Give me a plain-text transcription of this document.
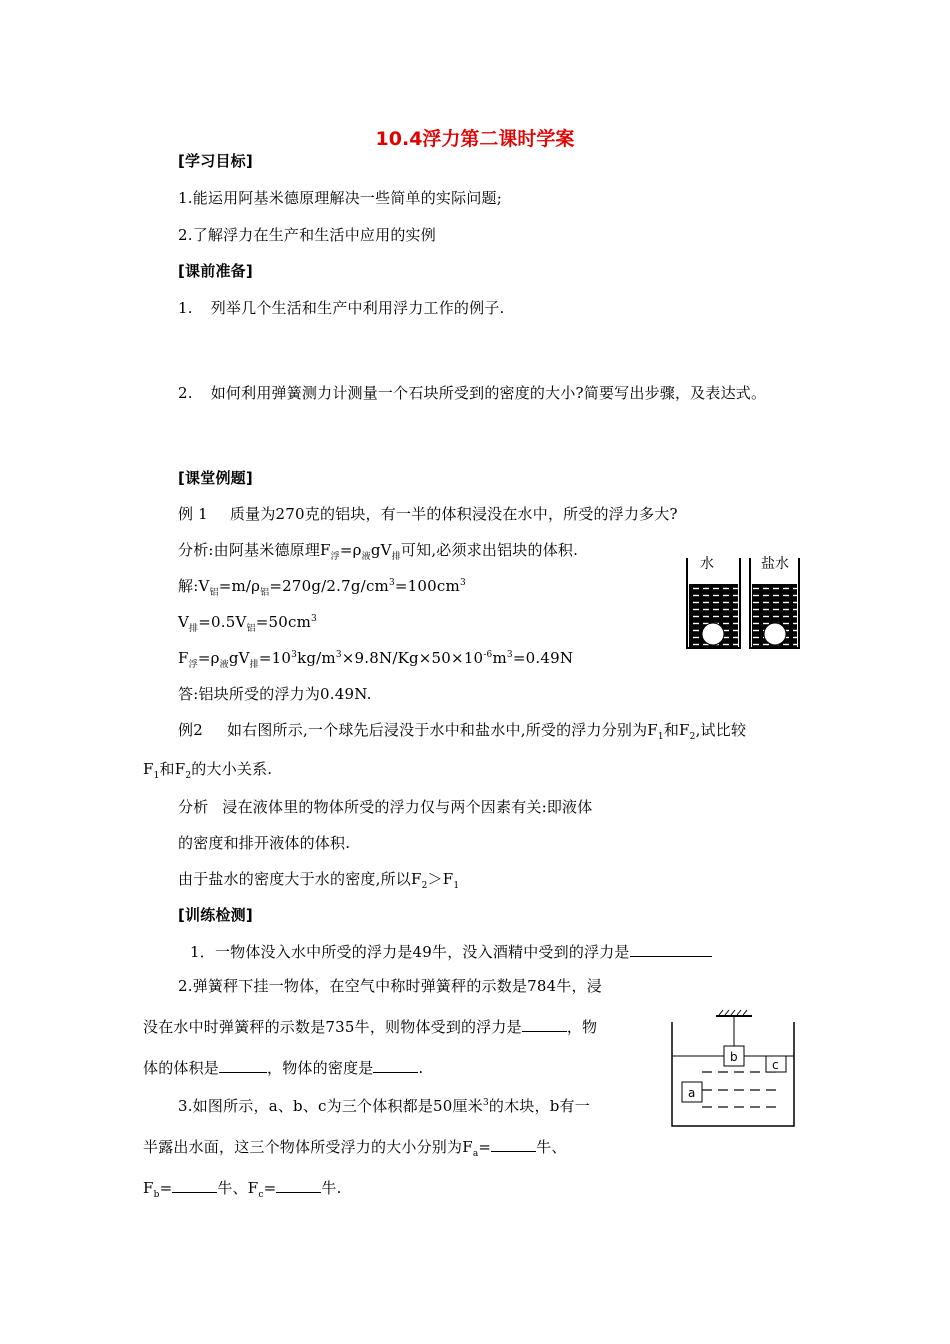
10.4浮力第二课时学案
[学习目标]
1.能运用阿基米德原理解决一些简单的实际问题;
2.了解浮力在生产和生活中应用的实例
[课前准备]
1. 列举几个生活和生产中利用浮力工作的例子.
2. 如何利用弹簧测力计测量一个石块所受到的密度的大小?简要写出步骤，及表达式。
[课堂例题]
例 1 质量为270克的铝块，有一半的体积浸没在水中，所受的浮力多大?
分析:由阿基米德原理$F_浮=\rho_液gV_排$可知,必须求出铝块的体积.
解$:V_铝=m/\rho_铝=270g/2.7g/cm^3=100cm^3$
$V_排=0.5V_铝=50cm^3$
$F_浮=\rho_液gV_排=10^3kg/m^3\times 9.8N/Kg\times 50\times 10^{-6}m^3=0.49N$
答:铝块所受的浮力为0.49N.
例2 如右图所示,一个球先后浸没于水中和盐水中,所受的浮力分别为$F_1$和$F_2$,试比较
$F_1$和$F_2$的大小关系.
分析 浸在液体里的物体所受的浮力仅与两个因素有关:即液体
的密度和排开液体的体积.
由于盐水的密度大于水的密度,所以$F_2>F_1$
水	盐水
[训练检测]
1．一物体没入水中所受的浮力是49牛，没入酒精中受到的浮力是
2.弹簧秤下挂一物体，在空气中称时弹簧秤的示数是784牛，浸
没在水中时弹簧秤的示数是735牛，则物体受到的浮力是	，物
体的体积是	，物体的密度是	.
3.如图所示，a、b、c为三个体积都是50厘米$^3$的木块，b有一
半露出水面，这三个物体所受浮力的大小分别为$F_a=$	牛、
$F_b=$	牛、$F_c=$	牛.
b
c
a
